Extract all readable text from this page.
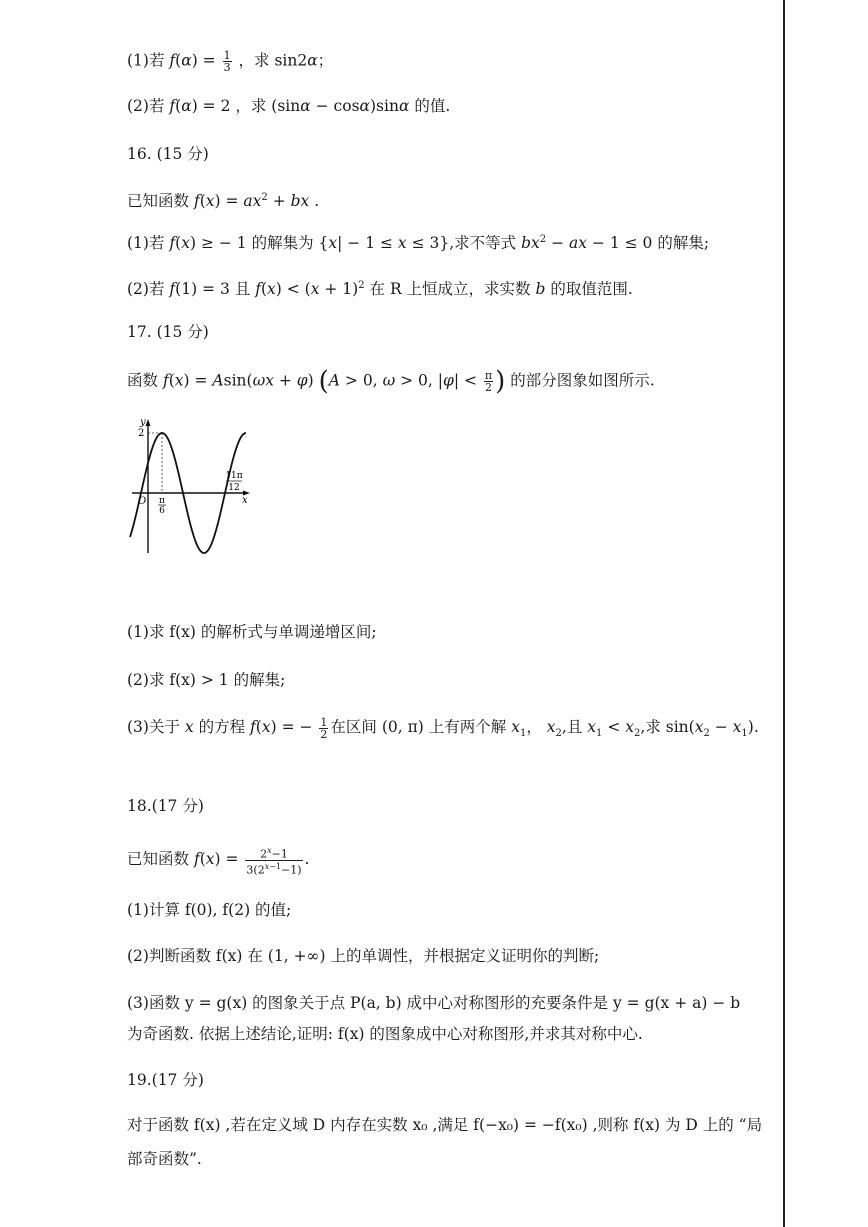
(1)若 $f(\alpha) = \frac{1}{3}$ ，求 sin2α；
(2)若 f(α) = 2 ，求 (sinα − cosα)sinα 的值.
16. (15 分)
已知函数 $f(x) = ax^2$ + bx .
(1)若 f(x) ≥ − 1 的解集为 {x| − 1 ≤ x ≤ 3},求不等式 $bx^2$ − ax − 1 ≤ 0 的解集;
(2)若 f(1) = 3 且 $f(x) < (x + 1)^2$ 在 R 上恒成立，求实数 b 的取值范围.
17. (15 分)
函数 f(x) = Asin(ωx + φ) (A > 0, ω > 0, $|\varphi| < \frac{\pi}{2}$ ) 的部分图象如图所示.
y
2
O	x
π
6
11π
12
(1)求 f(x) 的解析式与单调递增区间;
(2)求 f(x) > 1 的解集;
(3)关于 x 的方程 f(x) = − $\frac{1}{2}$ 在区间 (0, π) 上有两个解 $x_1$， $x_2$,且 $x_1 < x_2$,求 $\sin(x_2 - x_1)$.
18.(17 分)
已知函数 $f(x) = \frac{2^x-1}{3(2^{x-1}-1)}$ .
(1)计算 f(0), f(2) 的值;
(2)判断函数 f(x) 在 (1, +∞) 上的单调性，并根据定义证明你的判断;
(3)函数 y = g(x) 的图象关于点 P(a, b) 成中心对称图形的充要条件是 y = g(x + a) − b
为奇函数. 依据上述结论,证明: f(x) 的图象成中心对称图形,并求其对称中心.
19.(17 分)
对于函数 f(x) ,若在定义域 D 内存在实数 x₀ ,满足 f(−x₀) = −f(x₀) ,则称 f(x) 为 D 上的 “局部奇函数”.
